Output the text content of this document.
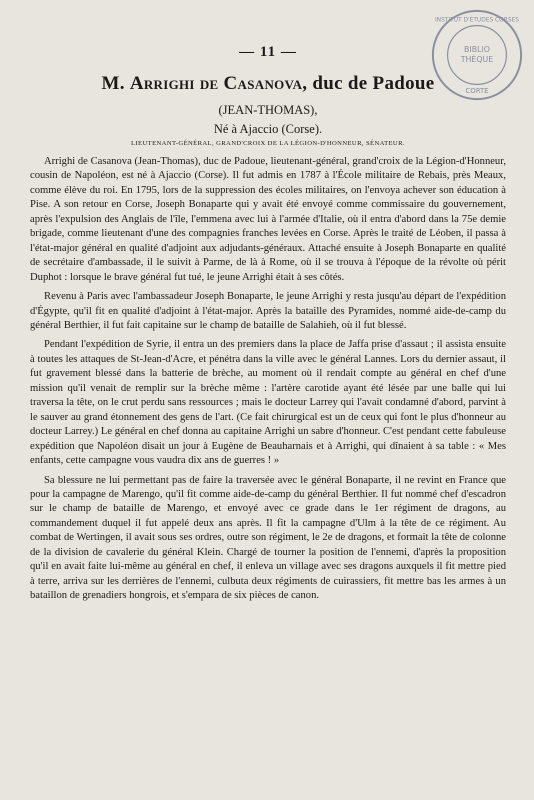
BIBLIO
THÈQUE
CORTE
INSTITUT D'ÉTUDES CORSES
— 11 —
M. Arrighi de Casanova, duc de Padoue
(JEAN-THOMAS),
Né à Ajaccio (Corse).
LIEUTENANT-GÉNÉRAL, GRAND'CROIX DE LA LÉGION-D'HONNEUR, SÉNATEUR.

Arrighi de Casanova (Jean-Thomas), duc de Padoue, lieutenant-général, grand'croix de la Légion-d'Honneur, cousin de Napoléon, est né à Ajaccio (Corse). Il fut admis en 1787 à l'École militaire de Rebais, près Meaux, comme élève du roi. En 1795, lors de la suppression des écoles militaires, on l'envoya achever son éducation à Pise. A son retour en Corse, Joseph Bonaparte qui y avait été envoyé comme commissaire du gouvernement, après l'expulsion des Anglais de l'île, l'emmena avec lui à l'armée d'Italie, où il entra d'abord dans la 75e demie brigade, comme lieutenant d'une des compagnies franches levées en Corse. Après le traité de Léoben, il passa à l'état-major général en qualité d'adjoint aux adjudants-généraux. Attaché ensuite à Joseph Bonaparte en qualité de secrétaire d'ambassade, il le suivit à Parme, de là à Rome, où il se trouva à l'époque de la révolte où périt Duphot : lorsque le brave général fut tué, le jeune Arrighi était à ses côtés.

Revenu à Paris avec l'ambassadeur Joseph Bonaparte, le jeune Arrighi y resta jusqu'au départ de l'expédition d'Égypte, qu'il fit en qualité d'adjoint à l'état-major. Après la bataille des Pyramides, nommé aide-de-camp du général Berthier, il fut fait capitaine sur le champ de bataille de Salahieh, où il fut blessé.

Pendant l'expédition de Syrie, il entra un des premiers dans la place de Jaffa prise d'assaut ; il assista ensuite à toutes les attaques de St-Jean-d'Acre, et pénétra dans la ville avec le général Lannes. Lors du dernier assaut, il fut gravement blessé dans la batterie de brèche, au moment où il rendait compte au général en chef d'une mission qu'il venait de remplir sur la brèche même : l'artère carotide ayant été lésée par une balle qui lui traversa la tête, on le crut perdu sans ressources ; mais le docteur Larrey qui l'avait condamné d'abord, parvint à le sauver au grand étonnement des gens de l'art. (Ce fait chirurgical est un de ceux qui font le plus d'honneur au docteur Larrey.) Le général en chef donna au capitaine Arrighi un sabre d'honneur. C'est pendant cette fabuleuse expédition que Napoléon disait un jour à Eugène de Beauharnais et à Arrighi, qui dînaient à sa table : « Mes enfants, cette campagne vous vaudra dix ans de guerres ! »

Sa blessure ne lui permettant pas de faire la traversée avec le général Bonaparte, il ne revint en France que pour la campagne de Marengo, qu'il fit comme aide-de-camp du général Berthier. Il fut nommé chef d'escadron sur le champ de bataille de Marengo, et envoyé avec ce grade dans le 1er régiment de dragons, au commandement duquel il fut appelé deux ans après. Il fit la campagne d'Ulm à la tête de ce régiment. Au combat de Wertingen, il avait sous ses ordres, outre son régiment, le 2e de dragons, et formait la tête de colonne de la division de cavalerie du général Klein. Chargé de tourner la position de l'ennemi, d'après la proposition qu'il en avait faite lui-même au général en chef, il enleva un village avec ses dragons auxquels il fit mettre pied à terre, arriva sur les derrières de l'ennemi, culbuta deux régiments de cuirassiers, fit mettre bas les armes à un bataillon de grenadiers hongrois, et s'empara de six pièces de canon.
